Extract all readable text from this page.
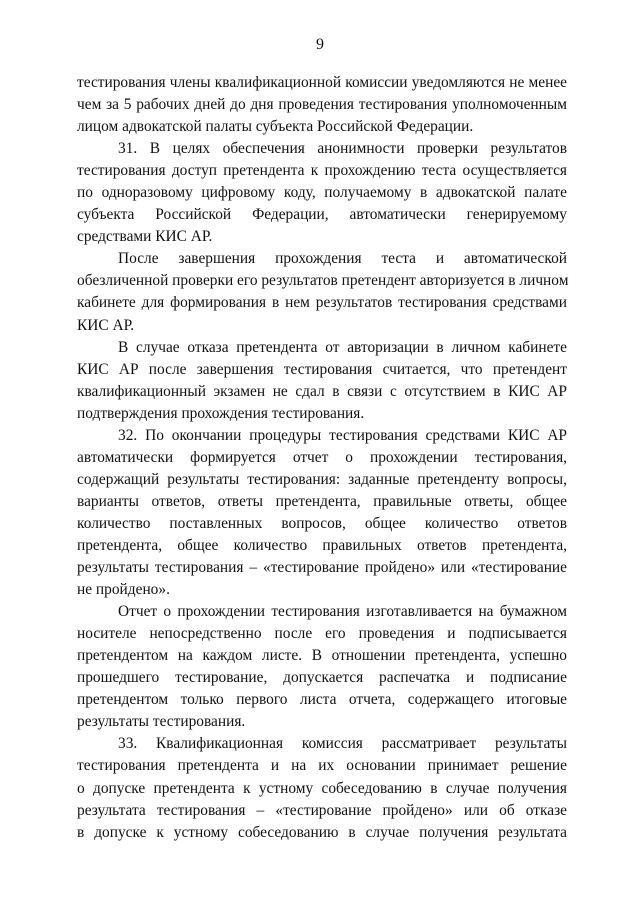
9
тестирования члены квалификационной комиссии уведомляются не менее
чем за 5 рабочих дней до дня проведения тестирования уполномоченным
лицом адвокатской палаты субъекта Российской Федерации.
31. В целях обеспечения анонимности проверки результатов
тестирования доступ претендента к прохождению теста осуществляется
по одноразовому цифровому коду, получаемому в адвокатской палате
субъекта Российской Федерации, автоматически генерируемому
средствами КИС АР.
После завершения прохождения теста и автоматической
обезличенной проверки его результатов претендент авторизуется в личном
кабинете для формирования в нем результатов тестирования средствами
КИС АР.
В случае отказа претендента от авторизации в личном кабинете
КИС АР после завершения тестирования считается, что претендент
квалификационный экзамен не сдал в связи с отсутствием в КИС АР
подтверждения прохождения тестирования.
32. По окончании процедуры тестирования средствами КИС АР
автоматически формируется отчет о прохождении тестирования,
содержащий результаты тестирования: заданные претенденту вопросы,
варианты ответов, ответы претендента, правильные ответы, общее
количество поставленных вопросов, общее количество ответов
претендента, общее количество правильных ответов претендента,
результаты тестирования – «тестирование пройдено» или «тестирование
не пройдено».
Отчет о прохождении тестирования изготавливается на бумажном
носителе непосредственно после его проведения и подписывается
претендентом на каждом листе. В отношении претендента, успешно
прошедшего тестирование, допускается распечатка и подписание
претендентом только первого листа отчета, содержащего итоговые
результаты тестирования.
33. Квалификационная комиссия рассматривает результаты
тестирования претендента и на их основании принимает решение
о допуске претендента к устному собеседованию в случае получения
результата тестирования – «тестирование пройдено» или об отказе
в допуске к устному собеседованию в случае получения результата
